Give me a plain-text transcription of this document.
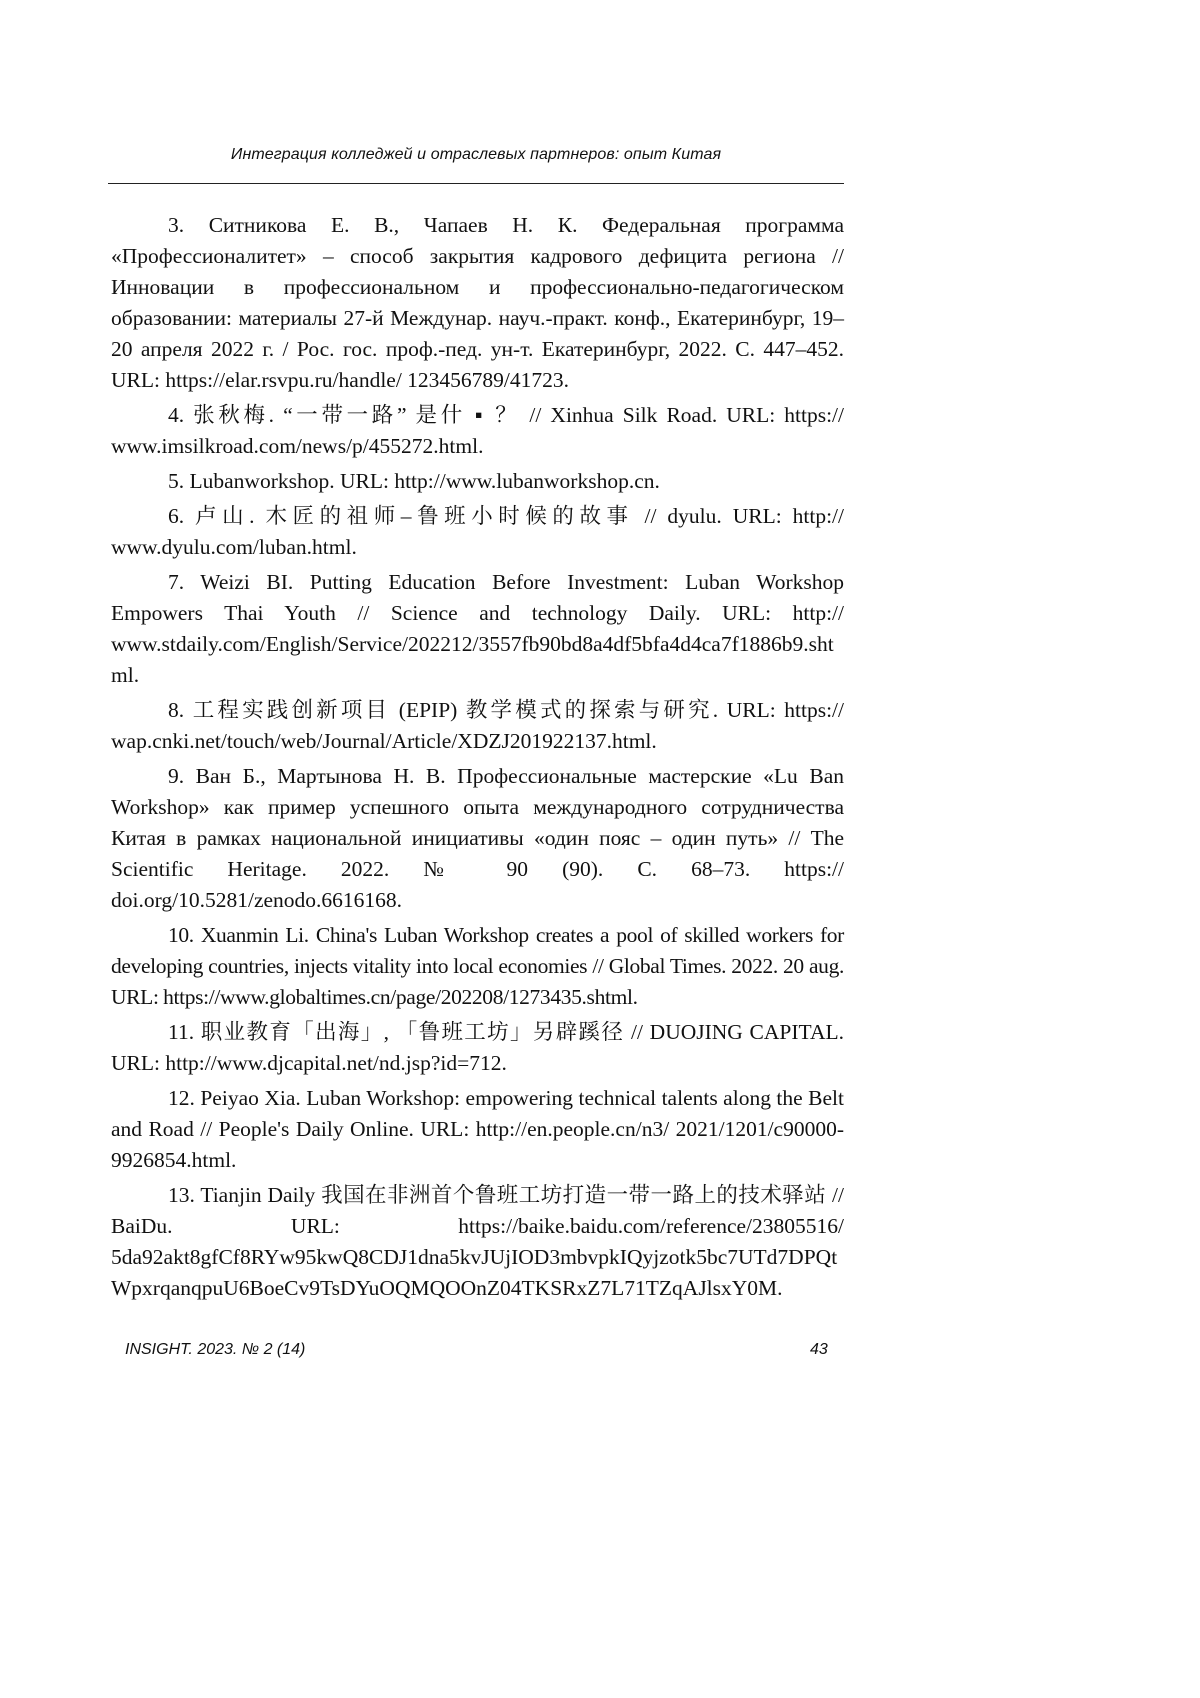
Интеграция колледжей и отраслевых партнеров: опыт Китая

3. Ситникова Е. В., Чапаев Н. К. Федеральная программа «Профессионалитет» – способ закрытия кадрового дефицита региона // Инновации в профессиональном и профессионально-педагогическом образовании: материалы 27-й Междунар. науч.-практ. конф., Екатеринбург, 19–20 апреля 2022 г. / Рос. гос. проф.-пед. ун-т. Екатеринбург, 2022. С. 447–452. URL: https://elar.rsvpu.ru/handle/ 123456789/41723.

4. 张秋梅. “一带一路” 是什 ▪ ？ // Xinhua Silk Road. URL: https:// www.imsilkroad.com/news/p/455272.html.

5. Lubanworkshop. URL: http://www.lubanworkshop.cn.

6. 卢山. 木匠的祖师–鲁班小时候的故事 // dyulu. URL: http:// www.dyulu.com/luban.html.

7. Weizi BI. Putting Education Before Investment: Luban Workshop Empowers Thai Youth // Science and technology Daily. URL: http:// www.stdaily.com/English/Service/202212/3557fb90bd8a4df5bfa4d4ca7f1886b9.shtml.

8. 工程实践创新项目 (EPIP) 教学模式的探索与研究. URL: https:// wap.cnki.net/touch/web/Journal/Article/XDZJ201922137.html.

9. Ван Б., Мартынова Н. В. Профессиональные мастерские «Lu Ban Workshop» как пример успешного опыта международного сотрудничества Китая в рамках национальной инициативы «один пояс – один путь» // The Scientific Heritage. 2022. № 90 (90). С. 68–73. https:// doi.org/10.5281/zenodo.6616168.

10. Xuanmin Li. China's Luban Workshop creates a pool of skilled workers for developing countries, injects vitality into local economies // Global Times. 2022. 20 aug. URL: https://www.globaltimes.cn/page/202208/1273435.shtml.

11. 职业教育「出海」, 「鲁班工坊」另辟蹊径 // DUOJING CAPITAL. URL: http://www.djcapital.net/nd.jsp?id=712.

12. Peiyao Xia. Luban Workshop: empowering technical talents along the Belt and Road // People's Daily Online. URL: http://en.people.cn/n3/ 2021/1201/c90000-9926854.html.

13. Tianjin Daily 我国在非洲首个鲁班工坊打造一带一路上的技术驿站 // BaiDu. URL: https://baike.baidu.com/reference/23805516/ 5da92akt8gfCf8RYw95kwQ8CDJ1dna5kvJUjIOD3mbvpkIQyjzotk5bc7UTd7DPQtWpxrqanqpuU6BoeCv9TsDYuOQMQOOnZ04TKSRxZ7L71TZqAJlsxY0M.

INSIGHT. 2023. № 2 (14)	43
